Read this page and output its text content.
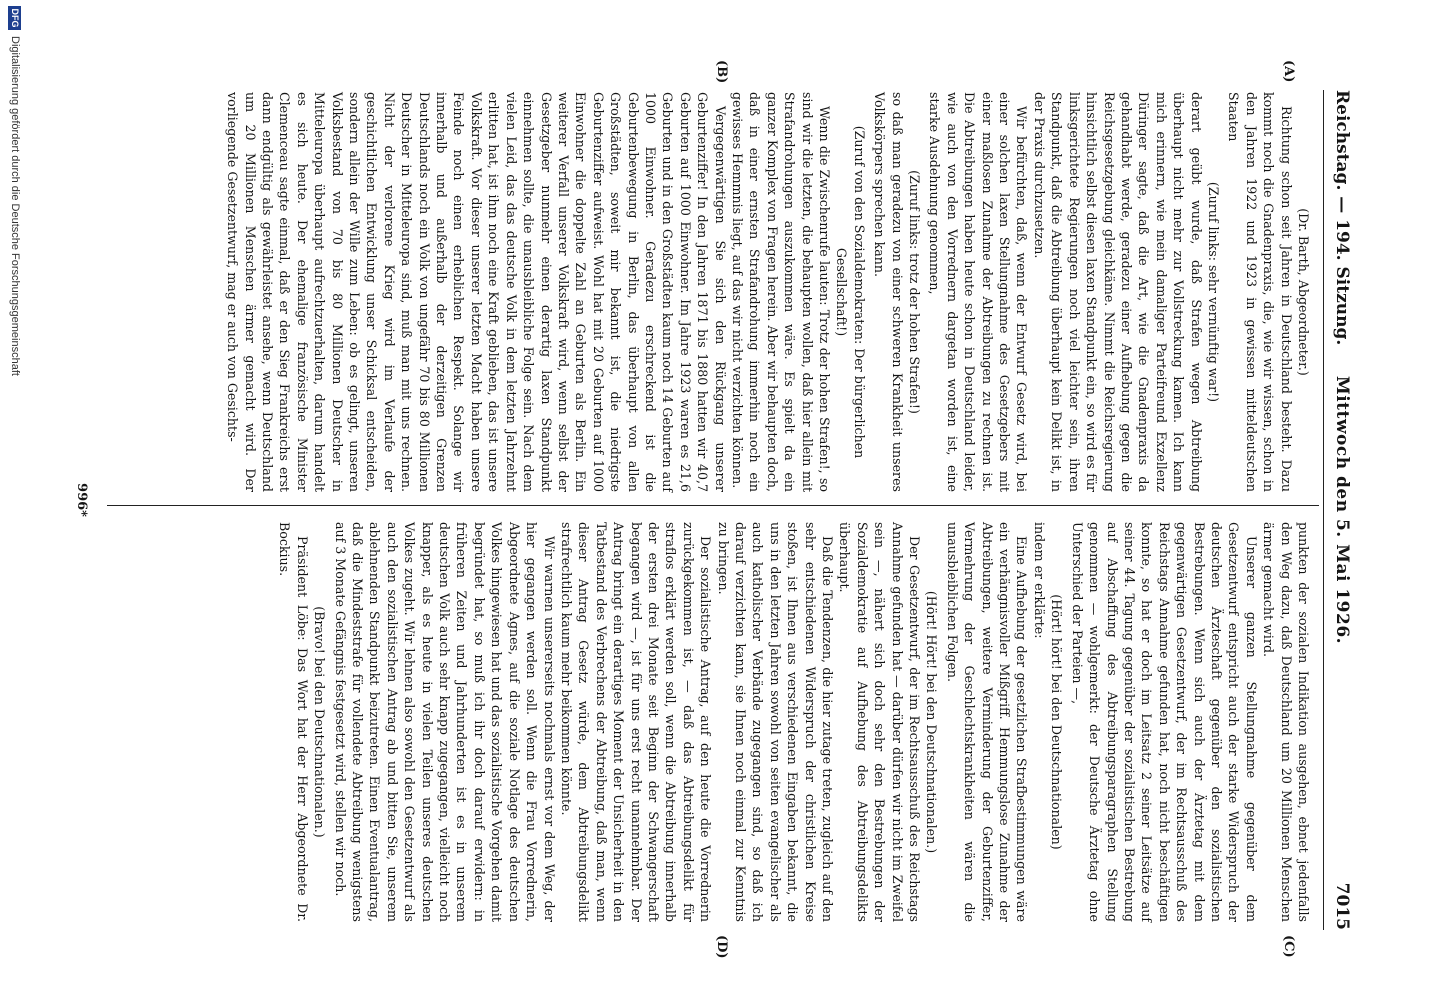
Reichstag. — 194. Sitzung.
Mittwoch den 5. Mai 1926.
7015
(A)
(B)
(C)
(D)

(Dr. Barth, Abgeordneter.)

Richtung schon seit Jahren in Deutschland besteht. Dazu kommt noch die Gnadenpraxis, die, wie wir wissen, schon in den Jahren 1922 und 1923 in gewissen mitteldeutschen Staaten

(Zuruf links: sehr vernünftig war!)

derart geübt wurde, daß Strafen wegen Abtreibung überhaupt nicht mehr zur Vollstreckung kamen. Ich kann mich erinnern, wie mein damaliger Parteifreund Exzellenz Düringer sagte, daß die Art, wie die Gnadenpraxis da gehandhabt werde, geradezu einer Aufhebung gegen die Reichsgesetzgebung gleichkäme. Nimmt die Reichsregierung hinsichtlich selbst diesen laxen Standpunkt ein, so wird es für linksgerichtete Regierungen noch viel leichter sein, ihren Standpunkt, daß die Abtreibung überhaupt kein Delikt ist, in der Praxis durchzusetzen.

Wir befürchten, daß, wenn der Entwurf Gesetz wird, bei einer solchen laxen Stellungnahme des Gesetzgebers mit einer maßlosen Zunahme der Abtreibungen zu rechnen ist. Die Abtreibungen haben heute schon in Deutschland leider, wie auch von den Vorrednern dargetan worden ist, eine starke Ausdehnung genommen,

(Zuruf links: trotz der hohen Strafen!)

so daß man geradezu von einer schweren Krankheit unseres Volkskörpers sprechen kann.

(Zuruf von den Sozialdemokraten: Der bürgerlichen Gesellschaft!)

Wenn die Zwischenrufe lauten: Trotz der hohen Strafen!, so sind wir die letzten, die behaupten wollen, daß hier allein mit Strafandrohungen auszukommen wäre. Es spielt da ein ganzer Komplex von Fragen herein. Aber wir behaupten doch, daß in einer ernsten Strafandrohung immerhin noch ein gewisses Hemmnis liegt, auf das wir nicht verzichten können.

Vergegenwärtigen Sie sich den Rückgang unserer Geburtenziffer! In den Jahren 1871 bis 1880 hatten wir 40,7 Geburten auf 1000 Einwohner. Im Jahre 1923 waren es 21,6 Geburten und in den Großstädten kaum noch 14 Geburten auf 1000 Einwohner. Geradezu erschreckend ist die Geburtenbewegung in Berlin, das überhaupt von allen Großstädten, soweit mir bekannt ist, die niedrigste Geburtenziffer aufweist. Wohl hat mit 20 Geburten auf 1000 Einwohner die doppelte Zahl an Geburten als Berlin. Ein weiterer Verfall unserer Volkskraft wird, wenn selbst der Gesetzgeber nunmehr einen derartig laxen Standpunkt einnehmen sollte, die unausbleibliche Folge sein. Nach dem vielen Leid, das das deutsche Volk in dem letzten Jahrzehnt erlitten hat, ist ihm noch eine Kraft geblieben, das ist unsere Volkskraft. Vor dieser unserer letzten Macht haben unsere Feinde noch einen erheblichen Respekt. Solange wir innerhalb und außerhalb der derzeitigen Grenzen Deutschlands noch ein Volk von ungefähr 70 bis 80 Millionen Deutscher in Mitteleuropa sind, muß man mit uns rechnen. Nicht der verlorene Krieg wird im Verlaufe der geschichtlichen Entwicklung unser Schicksal entscheiden, sondern allein der Wille zum Leben: ob es gelingt, unseren Volksbestand von 70 bis 80 Millionen Deutscher in Mitteleuropa überhaupt aufrechtzuerhalten, darum handelt es sich heute. Der ehemalige französische Minister Clemenceau sagte einmal, daß er den Sieg Frankreichs erst dann endgültig als gewährleistet ansehe, wenn Deutschland um 20 Millionen Menschen ärmer gemacht wird. Der vorliegende Gesetzentwurf, mag er auch von Gesichts-

punkten der sozialen Indikation ausgehen, ebnet jedenfalls den Weg dazu, daß Deutschland um 20 Millionen Menschen ärmer gemacht wird.

Unserer ganzen Stellungnahme gegenüber dem Gesetzentwurf entspricht auch der starke Widerspruch der deutschen Ärzteschaft gegenüber den sozialistischen Bestrebungen. Wenn sich auch der Ärztetag mit dem gegenwärtigen Gesetzentwurf, der im Rechtsausschuß des Reichstags Annahme gefunden hat, noch nicht beschäftigen konnte, so hat er doch im Leitsatz 2 seiner Leitsätze auf seiner 44. Tagung gegenüber der sozialistischen Bestrebung auf Abschaffung des Abtreibungsparagraphen Stellung genommen — wohlgemerkt: der Deutsche Ärztetag ohne Unterschied der Parteien —,

(Hört! hört! bei den Deutschnationalen)

indem er erklärte:

Eine Aufhebung der gesetzlichen Strafbestimmungen wäre ein verhängnisvoller Mißgriff. Hemmungslose Zunahme der Abtreibungen, weitere Verminderung der Geburtenziffer, Vermehrung der Geschlechtskrankheiten wären die unausbleiblichen Folgen.

(Hört! Hört! bei den Deutschnationalen.)

Der Gesetzentwurf, der im Rechtsausschuß des Reichstags Annahme gefunden hat — darüber dürfen wir nicht im Zweifel sein —, nähert sich doch sehr den Bestrebungen der Sozialdemokratie auf Aufhebung des Abtreibungsdelikts überhaupt.

Daß die Tendenzen, die hier zutage treten, zugleich auf den sehr entschiedenen Widerspruch der christlichen Kreise stoßen, ist Ihnen aus verschiedenen Eingaben bekannt, die uns in den letzten Jahren sowohl von seiten evangelischer als auch katholischer Verbände zugegangen sind, so daß ich darauf verzichten kann, sie Ihnen noch einmal zur Kenntnis zu bringen.

Der sozialistische Antrag, auf den heute die Vorrednerin zurückgekommen ist, — daß das Abtreibungsdelikt für straflos erklärt werden soll, wenn die Abtreibung innerhalb der ersten drei Monate seit Beginn der Schwangerschaft begangen wird —, ist für uns erst recht unannehmbar. Der Antrag bringt ein derartiges Moment der Unsicherheit in den Tatbestand des Verbrechens der Abtreibung, daß man, wenn dieser Antrag Gesetz würde, dem Abtreibungsdelikt strafrechtlich kaum mehr beikommen könnte.

Wir warnen unsererseits nochmals ernst vor dem Weg, der hier gegangen werden soll. Wenn die Frau Vorrednerin, Abgeordnete Agnes, auf die soziale Notlage des deutschen Volkes hingewiesen hat und das sozialistische Vorgehen damit begründet hat, so muß ich ihr doch darauf erwidern: in früheren Zeiten und Jahrhunderten ist es in unserem deutschen Volk auch sehr knapp zugegangen, vielleicht noch knapper, als es heute in vielen Teilen unseres deutschen Volkes zugeht. Wir lehnen also sowohl den Gesetzentwurf als auch den sozialistischen Antrag ab und bitten Sie, unserem ablehnenden Standpunkt beizutreten. Einen Eventualantrag, daß die Mindeststrafe für vollendete Abtreibung wenigstens auf 3 Monate Gefängnis festgesetzt wird, stellen wir noch.

(Bravo! bei den Deutschnationalen.)

Präsident Löbe: Das Wort hat der Herr Abgeordnete Dr. Bockius.

996*
DFG
Digitalisierung gefördert durch die Deutsche Forschungsgemeinschaft
